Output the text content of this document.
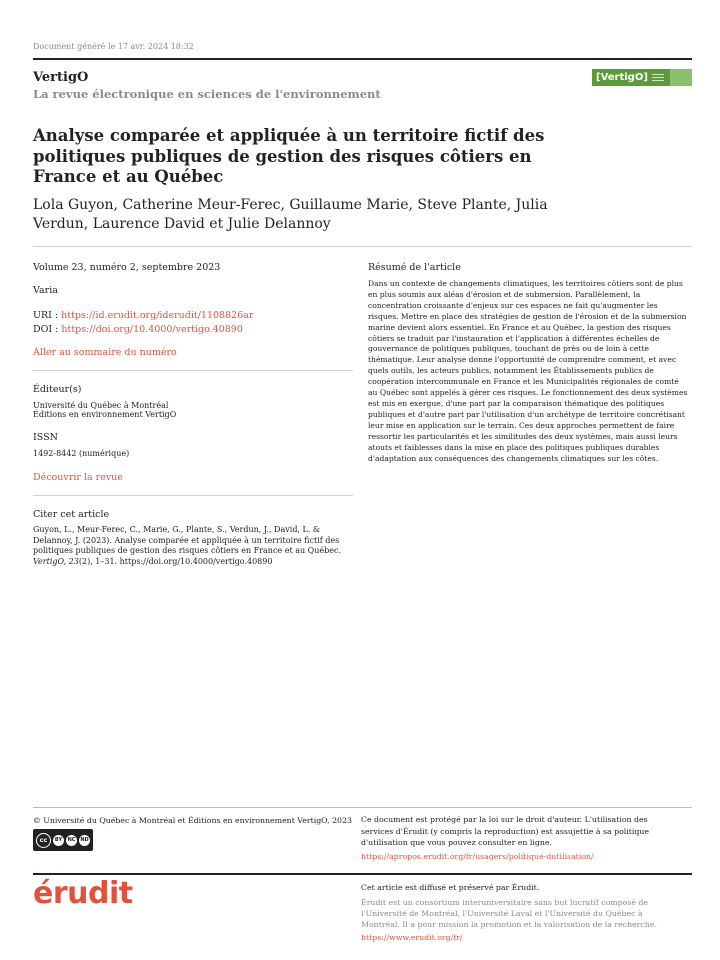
Document généré le 17 avr. 2024 18:32
VertigO
La revue électronique en sciences de l'environnement
[VertigO]
Analyse comparée et appliquée à un territoire fictif des politiques publiques de gestion des risques côtiers en France et au Québec
Lola Guyon, Catherine Meur-Ferec, Guillaume Marie, Steve Plante, Julia Verdun, Laurence David et Julie Delannoy
Volume 23, numéro 2, septembre 2023
Varia
URI : https://id.erudit.org/iderudit/1108826ar
DOI : https://doi.org/10.4000/vertigo.40890
Aller au sommaire du numéro
Éditeur(s)
Université du Québec à Montréal
Éditions en environnement VertigO
ISSN
1492-8442 (numérique)
Découvrir la revue
Citer cet article
Guyon, L., Meur-Ferec, C., Marie, G., Plante, S., Verdun, J., David, L. & Delannoy, J. (2023). Analyse comparée et appliquée à un territoire fictif des politiques publiques de gestion des risques côtiers en France et au Québec. VertigO, 23(2), 1–31. https://doi.org/10.4000/vertigo.40890
Résumé de l'article
Dans un contexte de changements climatiques, les territoires côtiers sont de plus en plus soumis aux aléas d'érosion et de submersion. Parallèlement, la concentration croissante d'enjeux sur ces espaces ne fait qu'augmenter les risques. Mettre en place des stratégies de gestion de l'érosion et de la submersion marine devient alors essentiel. En France et au Québec, la gestion des risques côtiers se traduit par l'instauration et l'application à différentes échelles de gouvernance de politiques publiques, touchant de près ou de loin à cette thématique. Leur analyse donne l'opportunité de comprendre comment, et avec quels outils, les acteurs publics, notamment les Établissements publics de coopération intercommunale en France et les Municipalités régionales de comté au Québec sont appelés à gérer ces risques. Le fonctionnement des deux systèmes est mis en exergue, d'une part par la comparaison thématique des politiques publiques et d'autre part par l'utilisation d'un archétype de territoire concrétisant leur mise en application sur le terrain. Ces deux approches permettent de faire ressortir les particularités et les similitudes des deux systèmes, mais aussi leurs atouts et faiblesses dans la mise en place des politiques publiques durables d'adaptation aux conséquences des changements climatiques sur les côtes.
© Université du Québec à Montréal et Éditions en environnement VertigO, 2023
cc	BY	NC ND
Ce document est protégé par la loi sur le droit d'auteur. L'utilisation des services d'Érudit (y compris la reproduction) est assujettie à sa politique d'utilisation que vous pouvez consulter en ligne.
https://apropos.erudit.org/fr/usagers/politique-dutilisation/
érudit	Cet article est diffusé et préservé par Érudit.
Érudit est un consortium interuniversitaire sans but lucratif composé de l'Université de Montréal, l'Université Laval et l'Université du Québec à Montréal. Il a pour mission la promotion et la valorisation de la recherche.
https://www.erudit.org/fr/
